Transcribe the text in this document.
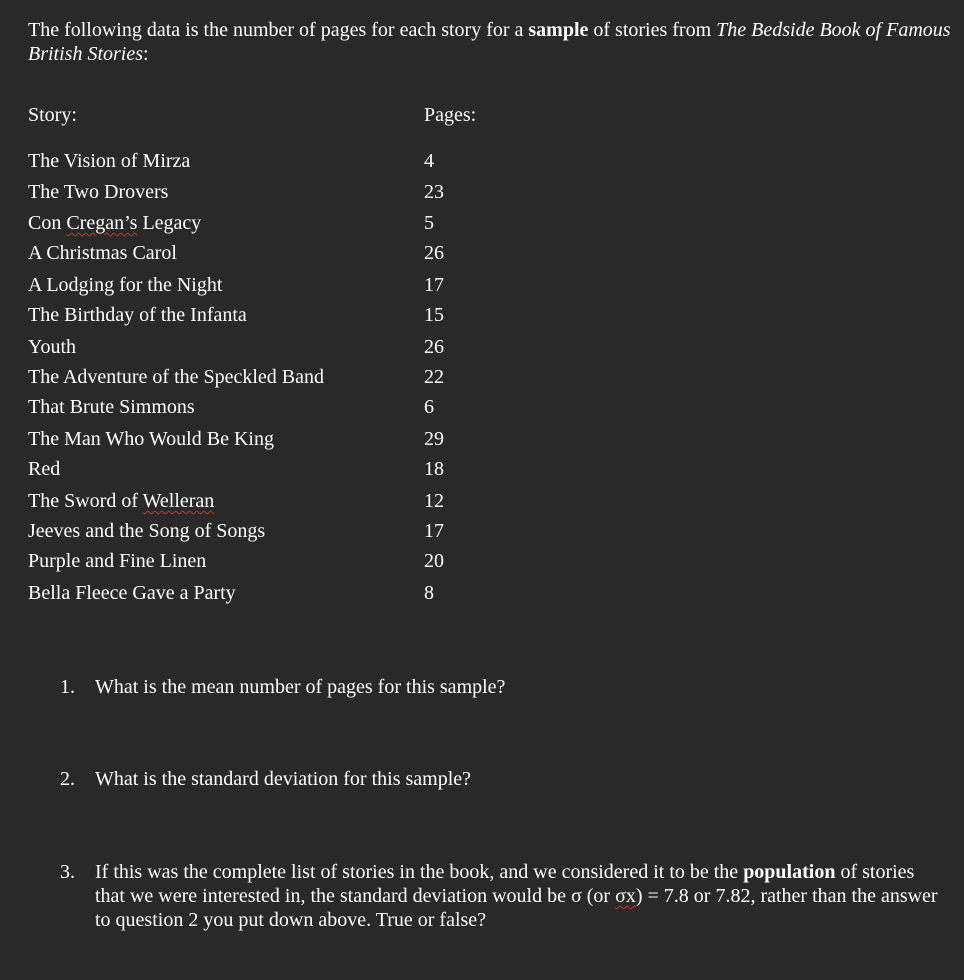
The following data is the number of pages for each story for a sample of stories from The Bedside Book of Famous British Stories:
Story:	Pages:
The Vision of Mirza	4
The Two Drovers	23
Con Cregan’s Legacy	5
A Christmas Carol	26
A Lodging for the Night	17
The Birthday of the Infanta	15
Youth	26
The Adventure of the Speckled Band	22
That Brute Simmons	6
The Man Who Would Be King	29
Red	18
The Sword of Welleran	12
Jeeves and the Song of Songs	17
Purple and Fine Linen	20
Bella Fleece Gave a Party	8
1. What is the mean number of pages for this sample?
2. What is the standard deviation for this sample?
3. If this was the complete list of stories in the book, and we considered it to be the population of stories that we were interested in, the standard deviation would be σ (or σx) = 7.8 or 7.82, rather than the answer to question 2 you put down above. True or false?
